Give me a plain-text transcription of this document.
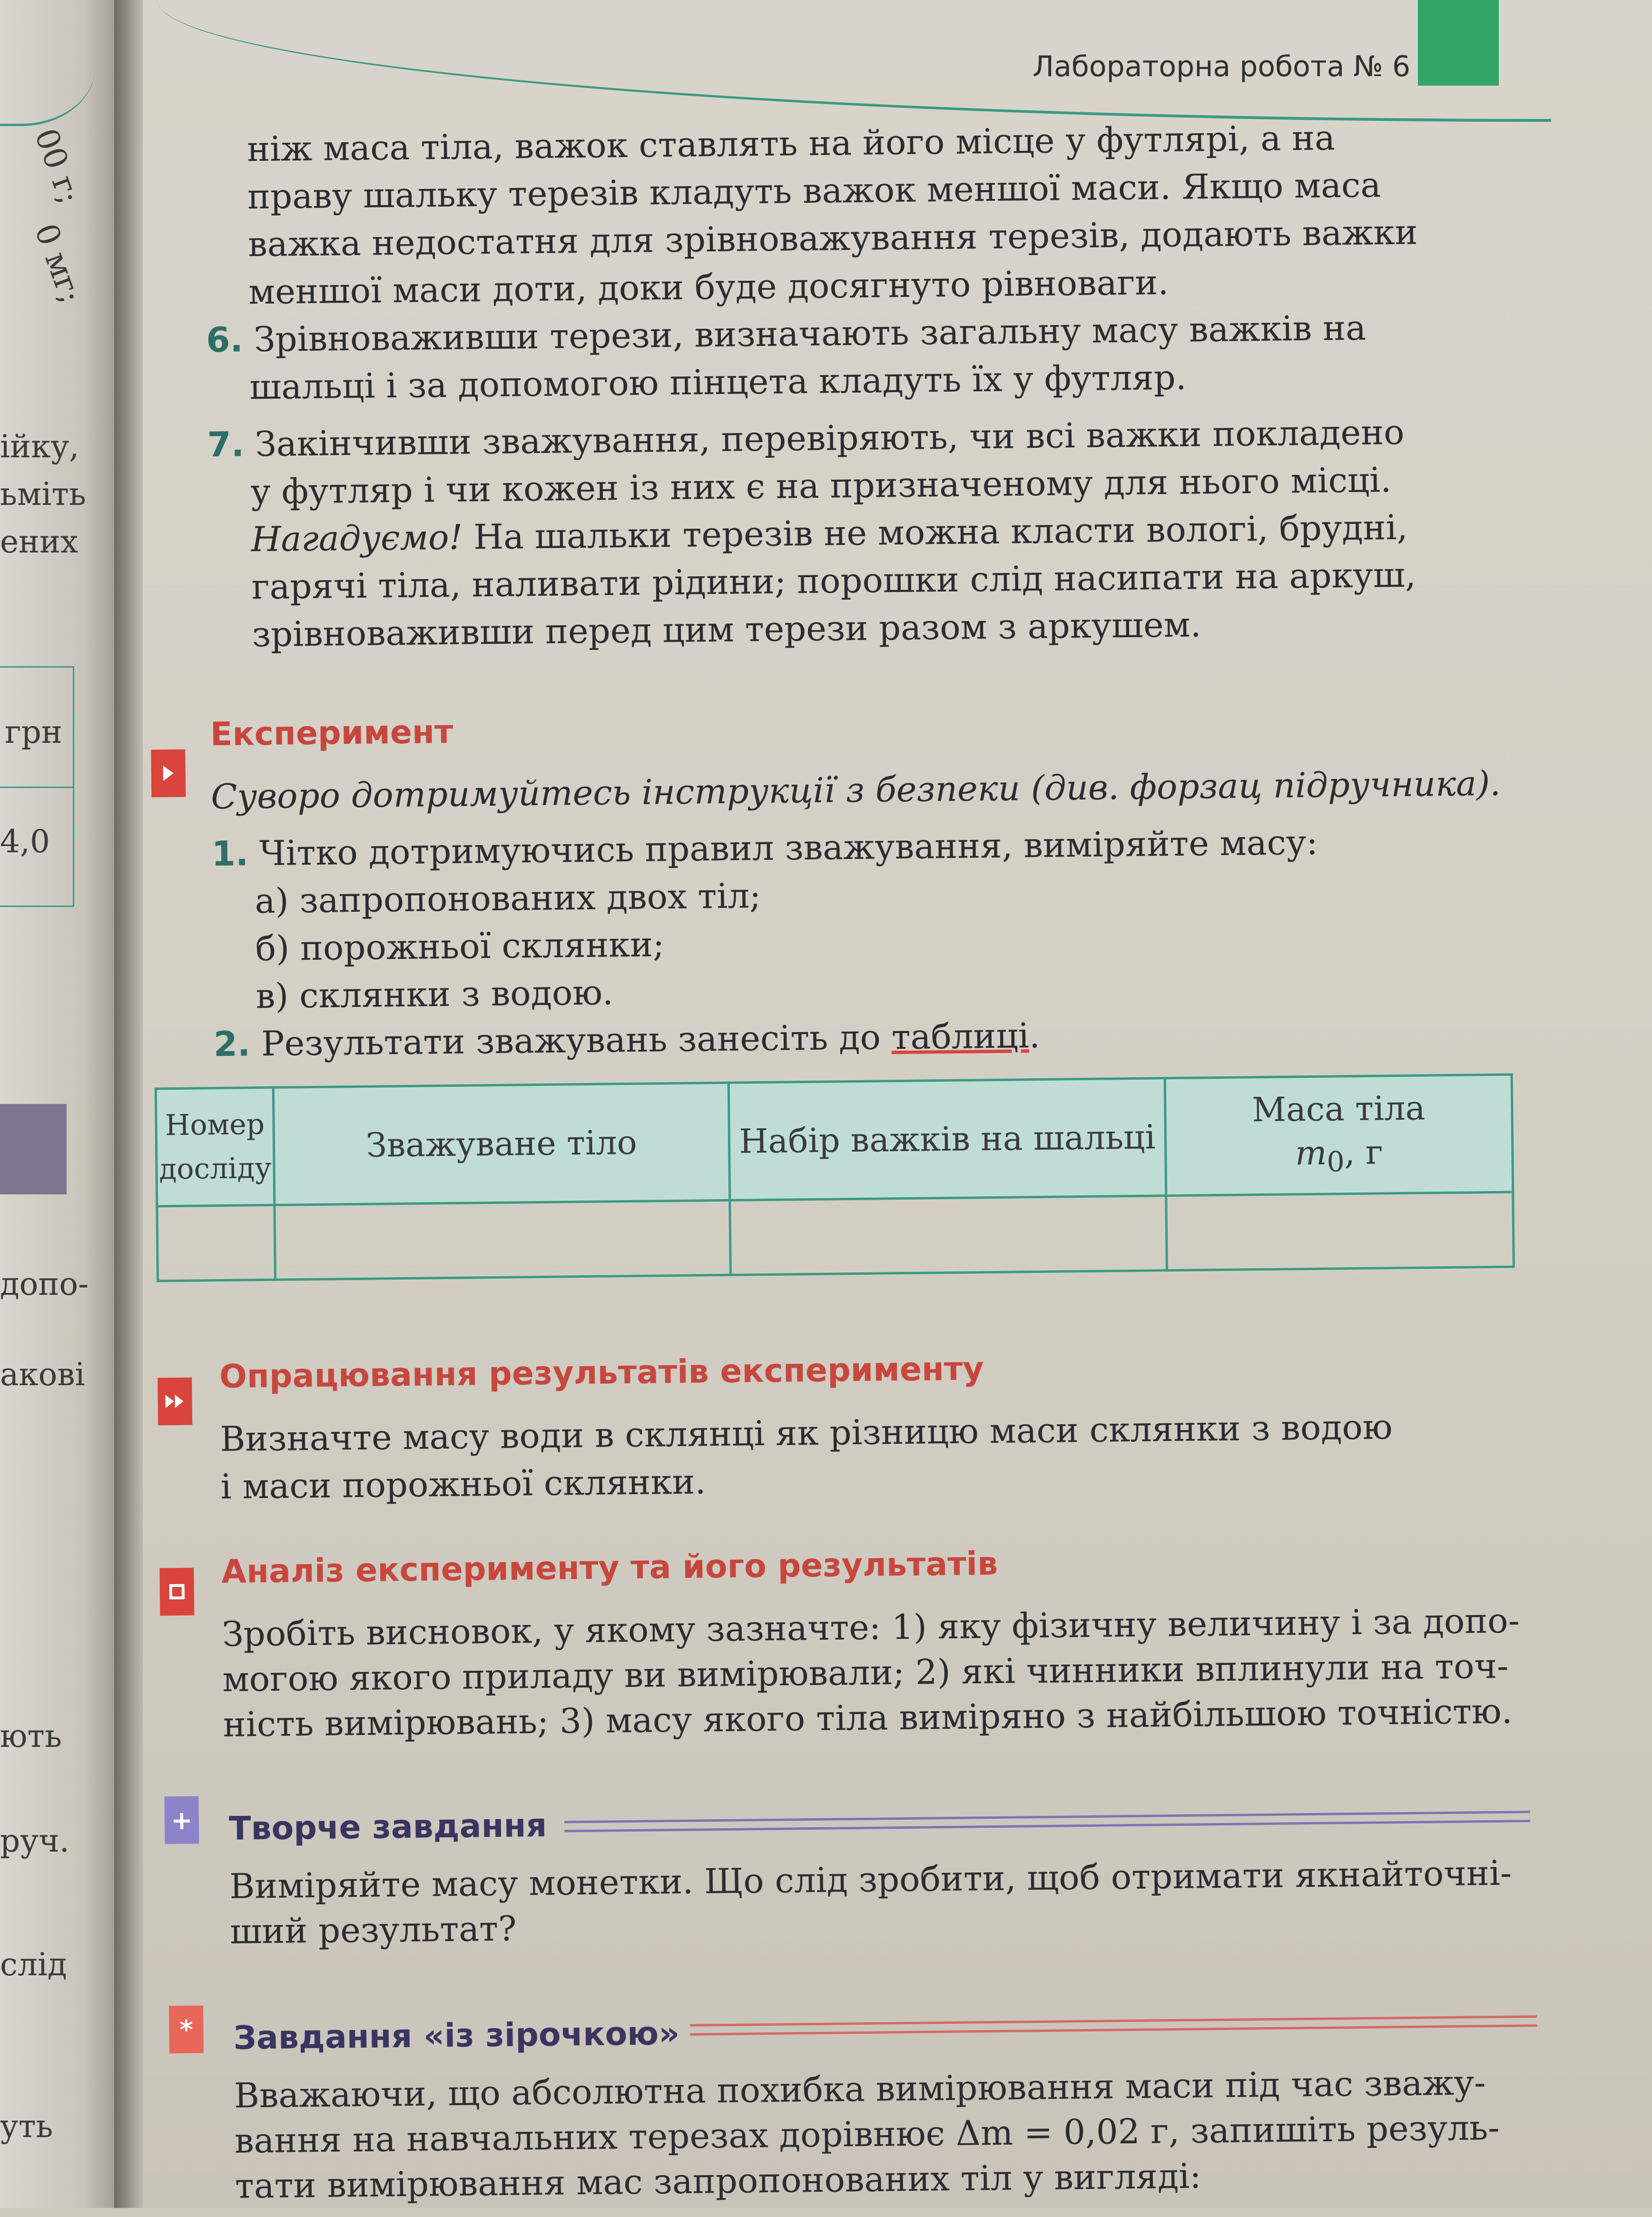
00 г;
0 мг;
ійку,
ьміть
ених
грн
4,0
допо-
акові
ють
руч.
слід
уть
Лабораторна робота № 6
ніж маса тіла, важок ставлять на його місце у футлярі, а на
праву шальку терезів кладуть важок меншої маси. Якщо маса
важка недостатня для зрівноважування терезів, додають важки
меншої маси доти, доки буде досягнуто рівноваги.
6. Зрівноваживши терези, визначають загальну масу важків на
шальці і за допомогою пінцета кладуть їх у футляр.
7. Закінчивши зважування, перевіряють, чи всі важки покладено
у футляр і чи кожен із них є на призначеному для нього місці.
Нагадуємо! На шальки терезів не можна класти вологі, брудні,
гарячі тіла, наливати рідини; порошки слід насипати на аркуш,
зрівноваживши перед цим терези разом з аркушем.
Експеримент
Суворо дотримуйтесь інструкції з безпеки (див. форзац підручника).
1. Чітко дотримуючись правил зважування, виміряйте масу:
а) запропонованих двох тіл;
б) порожньої склянки;
в) склянки з водою.
2. Результати зважувань занесіть до таблиці.
Номер досліду	Зважуване тіло	Набір важків на шальці	Маса тіла
$m_0$, г

Опрацювання результатів експерименту
Визначте масу води в склянці як різницю маси склянки з водою
і маси порожньої склянки.
Аналіз експерименту та його результатів
Зробіть висновок, у якому зазначте: 1) яку фізичну величину і за допо-
могою якого приладу ви вимірювали; 2) які чинники вплинули на точ-
ність вимірювань; 3) масу якого тіла виміряно з найбільшою точністю.
+ Творче завдання
Виміряйте масу монетки. Що слід зробити, щоб отримати якнайточні-
ший результат?
*	Завдання «із зірочкою»
Вважаючи, що абсолютна похибка вимірювання маси під час зважу-
вання на навчальних терезах дорівнює Δm = 0,02 г, запишіть резуль-
тати вимірювання мас запропонованих тіл у вигляді:
